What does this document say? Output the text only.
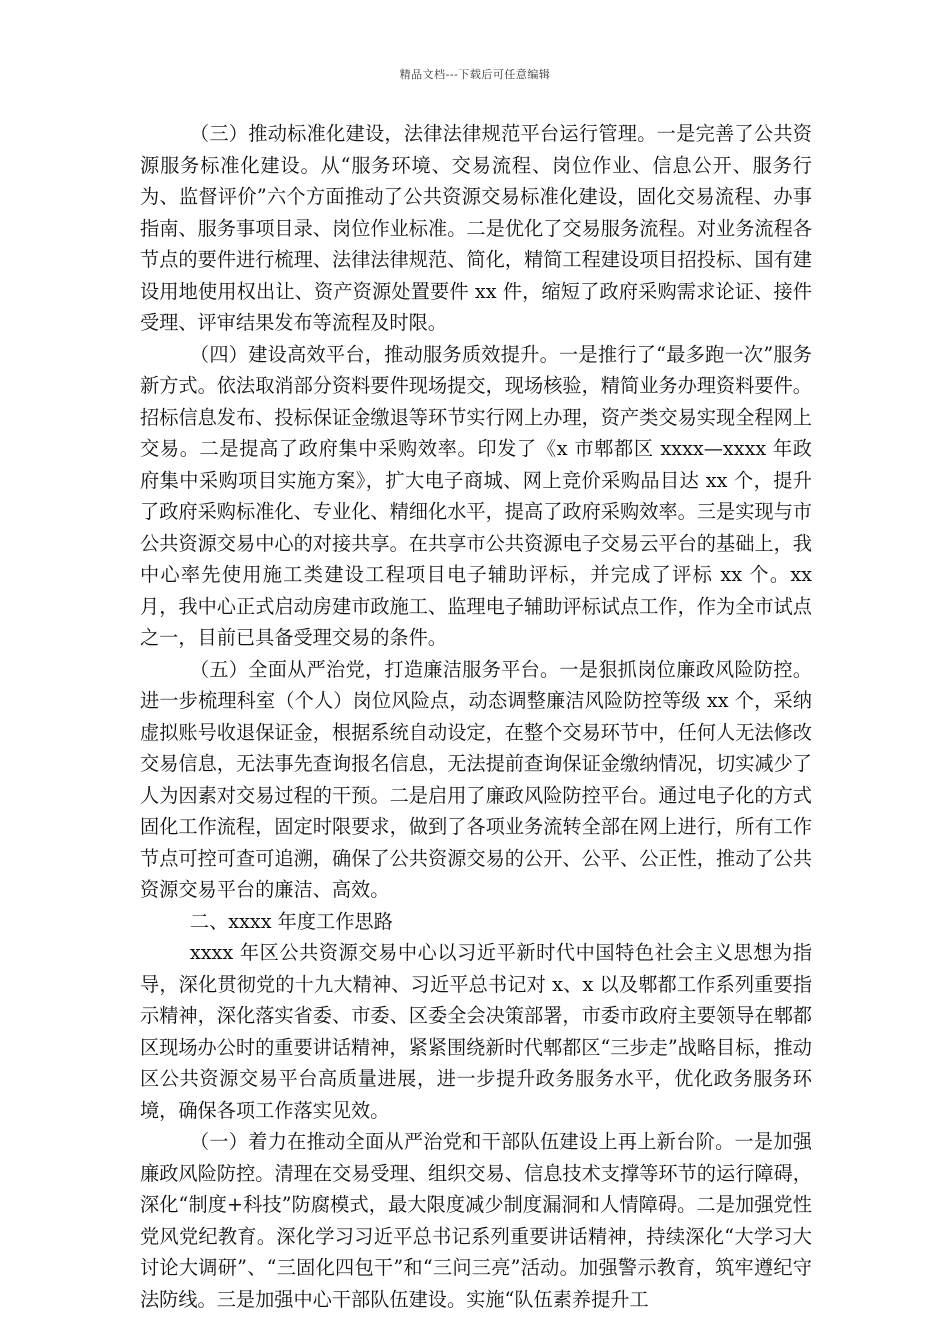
精品文档---下载后可任意编辑

（三）推动标准化建设，法律法律规范平台运行管理。一是完善了公共资源服务标准化建设。从“服务环境、交易流程、岗位作业、信息公开、服务行为、监督评价”六个方面推动了公共资源交易标准化建设，固化交易流程、办事指南、服务事项目录、岗位作业标准。二是优化了交易服务流程。对业务流程各节点的要件进行梳理、法律法律规范、简化，精简工程建设项目招投标、国有建设用地使用权出让、资产资源处置要件 xx 件，缩短了政府采购需求论证、接件受理、评审结果发布等流程及时限。

（四）建设高效平台，推动服务质效提升。一是推行了“最多跑一次”服务新方式。依法取消部分资料要件现场提交，现场核验，精简业务办理资料要件。招标信息发布、投标保证金缴退等环节实行网上办理，资产类交易实现全程网上交易。二是提高了政府集中采购效率。印发了《x 市郫都区 xxxx—xxxx 年政府集中采购项目实施方案》，扩大电子商城、网上竞价采购品目达 xx 个，提升了政府采购标准化、专业化、精细化水平，提高了政府采购效率。三是实现与市公共资源交易中心的对接共享。在共享市公共资源电子交易云平台的基础上，我中心率先使用施工类建设工程项目电子辅助评标，并完成了评标 xx 个。xx 月，我中心正式启动房建市政施工、监理电子辅助评标试点工作，作为全市试点之一，目前已具备受理交易的条件。

（五）全面从严治党，打造廉洁服务平台。一是狠抓岗位廉政风险防控。进一步梳理科室（个人）岗位风险点，动态调整廉洁风险防控等级 xx 个，采纳虚拟账号收退保证金，根据系统自动设定，在整个交易环节中，任何人无法修改交易信息，无法事先查询报名信息，无法提前查询保证金缴纳情况，切实减少了人为因素对交易过程的干预。二是启用了廉政风险防控平台。通过电子化的方式固化工作流程，固定时限要求，做到了各项业务流转全部在网上进行，所有工作节点可控可查可追溯，确保了公共资源交易的公开、公平、公正性，推动了公共资源交易平台的廉洁、高效。

二、xxxx 年度工作思路

xxxx 年区公共资源交易中心以习近平新时代中国特色社会主义思想为指导，深化贯彻党的十九大精神、习近平总书记对 x、x 以及郫都工作系列重要指示精神，深化落实省委、市委、区委全会决策部署，市委市政府主要领导在郫都区现场办公时的重要讲话精神，紧紧围绕新时代郫都区“三步走”战略目标，推动区公共资源交易平台高质量进展，进一步提升政务服务水平，优化政务服务环境，确保各项工作落实见效。

（一）着力在推动全面从严治党和干部队伍建设上再上新台阶。一是加强廉政风险防控。清理在交易受理、组织交易、信息技术支撑等环节的运行障碍，深化“制度+科技”防腐模式，最大限度减少制度漏洞和人情障碍。二是加强党性党风党纪教育。深化学习习近平总书记系列重要讲话精神，持续深化“大学习大讨论大调研”、“三固化四包干”和“三问三亮”活动。加强警示教育，筑牢遵纪守法防线。三是加强中心干部队伍建设。实施“队伍素养提升工
